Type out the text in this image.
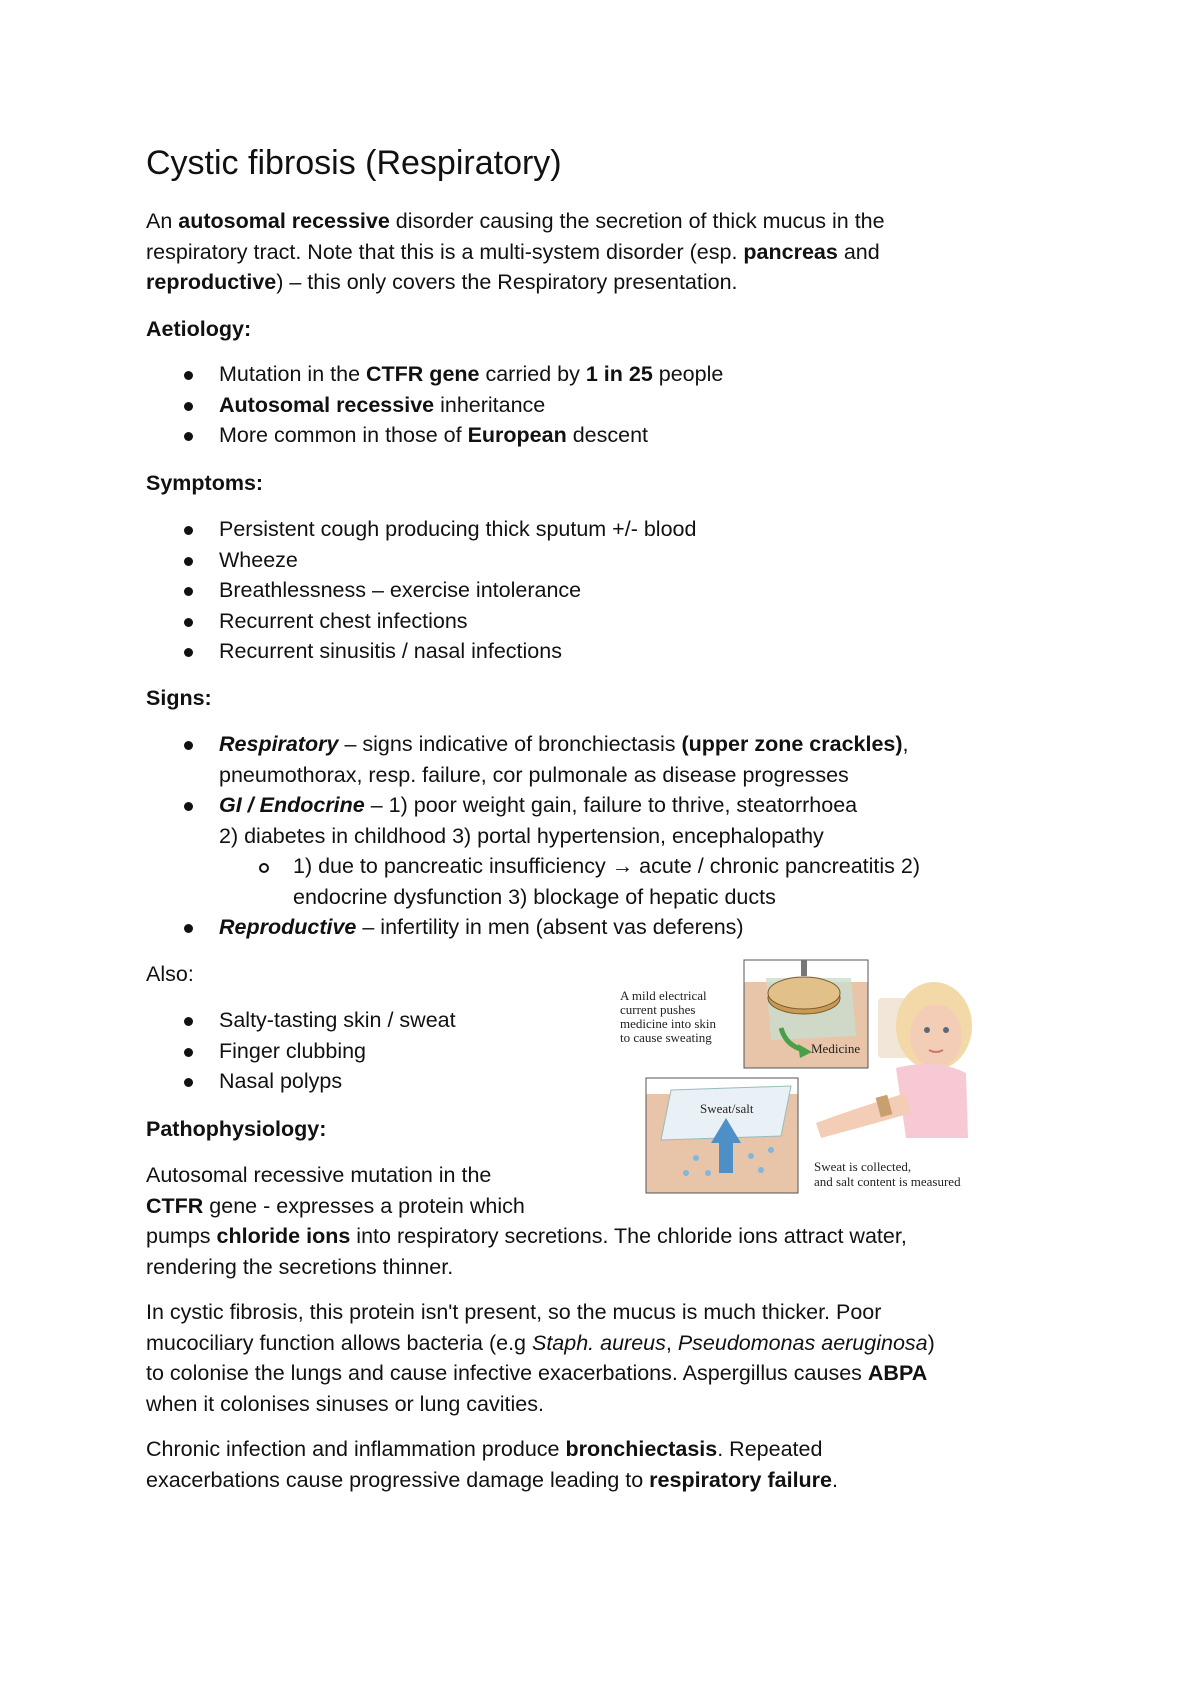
Cystic fibrosis (Respiratory)

An autosomal recessive disorder causing the secretion of thick mucus in the
respiratory tract. Note that this is a multi-system disorder (esp. pancreas and
reproductive) – this only covers the Respiratory presentation.

Aetiology:
Mutation in the CTFR gene carried by 1 in 25 people
Autosomal recessive inheritance
More common in those of European descent
Symptoms:
Persistent cough producing thick sputum +/- blood
Wheeze
Breathlessness – exercise intolerance
Recurrent chest infections
Recurrent sinusitis / nasal infections
Signs:
Respiratory – signs indicative of bronchiectasis (upper zone crackles),
pneumothorax, resp. failure, cor pulmonale as disease progresses
GI / Endocrine – 1) poor weight gain, failure to thrive, steatorrhoea
2) diabetes in childhood 3) portal hypertension, encephalopathy
1) due to pancreatic insufficiency → acute / chronic pancreatitis 2)
endocrine dysfunction 3) blockage of hepatic ducts
Reproductive – infertility in men (absent vas deferens)
Also:
Salty-tasting skin / sweat
Finger clubbing
Nasal polyps
Pathophysiology:

Autosomal recessive mutation in the
CTFR gene - expresses a protein which
pumps chloride ions into respiratory secretions. The chloride ions attract water,
rendering the secretions thinner.

In cystic fibrosis, this protein isn't present, so the mucus is much thicker. Poor
mucociliary function allows bacteria (e.g Staph. aureus, Pseudomonas aeruginosa)
to colonise the lungs and cause infective exacerbations. Aspergillus causes ABPA
when it colonises sinuses or lung cavities.

Chronic infection and inflammation produce bronchiectasis. Repeated
exacerbations cause progressive damage leading to respiratory failure.

Medicine
A mild electrical
current pushes
medicine into skin
to cause sweating
Sweat/salt
Sweat is collected,
and salt content is measured
